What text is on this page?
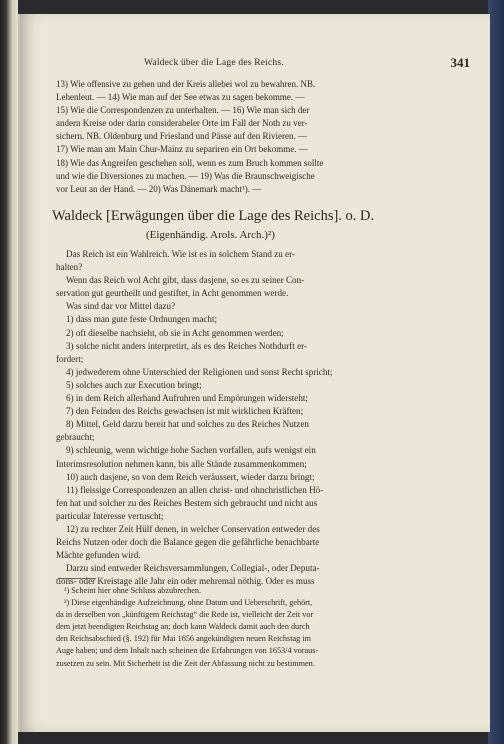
Waldeck über die Lage des Reichs.	341

13) Wie offensive zu gehen und der Kreis allebei wol zu bewahren. NB.

Lehenleut. — 14) Wie man auf der See etwas zu sagen bekomme. —

15) Wie die Correspondenzen zu unterhalten. — 16) Wie man sich der

andern Kreise oder darin considerabeler Orte im Fall der Noth zu ver-

sichern. NB. Oldenburg und Friesland und Pässe auf den Rivieren. —

17) Wie man am Main Chur-Mainz zu separiren ein Ort bekomme. —

18) Wie das Angreifen geschehen soll, wenn es zum Bruch kommen sollte

und wie die Diversiones zu machen. — 19) Was die Braunschweigische

vor Leut an der Hand. — 20) Was Dänemark macht¹). —

Waldeck [Erwägungen über die Lage des Reichs]. o. D.
(Eigenhändig. Arols. Arch.)²)

Das Reich ist ein Wahlreich. Wie ist es in solchem Stand zu er-

halten?

Wenn das Reich wol Acht gibt, dass dasjene, so es zu seiner Con-

servation gut geurtheilt und gestiftet, in Acht genommen werde.

Was sind dar vor Mittel dazu?

1) dass man gute feste Ordnungen macht;

2) oft dieselbe nachsieht, ob sie in Acht genommen werden;

3) solche nicht anders interpretirt, als es des Reiches Nothdurft er-

fordert;

4) jedwederem ohne Unterschied der Religionen und sonst Recht spricht;

5) solches auch zur Execution bringt;

6) in dem Reich allerhand Aufruhren und Empörungen widersteht;

7) den Feinden des Reichs gewachsen ist mit wirklichen Kräften;

8) Mittel, Geld darzu bereit hat und solches zu des Reiches Nutzen

gebraucht;

9) schleunig, wenn wichtige hohe Sachen vorfallen, aufs wenigst ein

Interimsresolution nehmen kann, bis alle Stände zusammenkommen;

10) auch dasjene, so von dem Reich veräussert, wieder darzu bringt;

11) fleissige Correspondenzen an allen christ- und ohnchristlichen Hö-

fen hat und solcher zu des Reiches Bestem sich gebraucht und nicht aus

particular Interesse vertuscht;

12) zu rechter Zeit Hülf denen, in welcher Conservation entweder des

Reichs Nutzen oder doch die Balance gegen die gefährliche benachbarte

Mächte gefunden wird.

Darzu sind entweder Reichsversammlungen, Collegial-, oder Deputa-

tions- oder Kreistage alle Jahr ein oder mehremal nöthig. Oder es muss

¹) Scheint hier ohne Schluss abzubrechen.

²) Diese eigenhändige Aufzeichnung, ohne Datum und Ueberschrift, gehört,

da in derselben von „künftigem Reichstag“ die Rede ist, vielleicht der Zeit vor

dem jetzt beendigten Reichstag an; doch kann Waldeck damit auch den durch

den Reichsabschied (§. 192) für Mai 1656 angekündigten neuen Reichstag im

Auge haben; und dem Inhalt nach scheinen die Erfahrungen von 1653/4 voraus-

zusetzen zu sein. Mit Sicherheit ist die Zeit der Abfassung nicht zu bestimmen.
